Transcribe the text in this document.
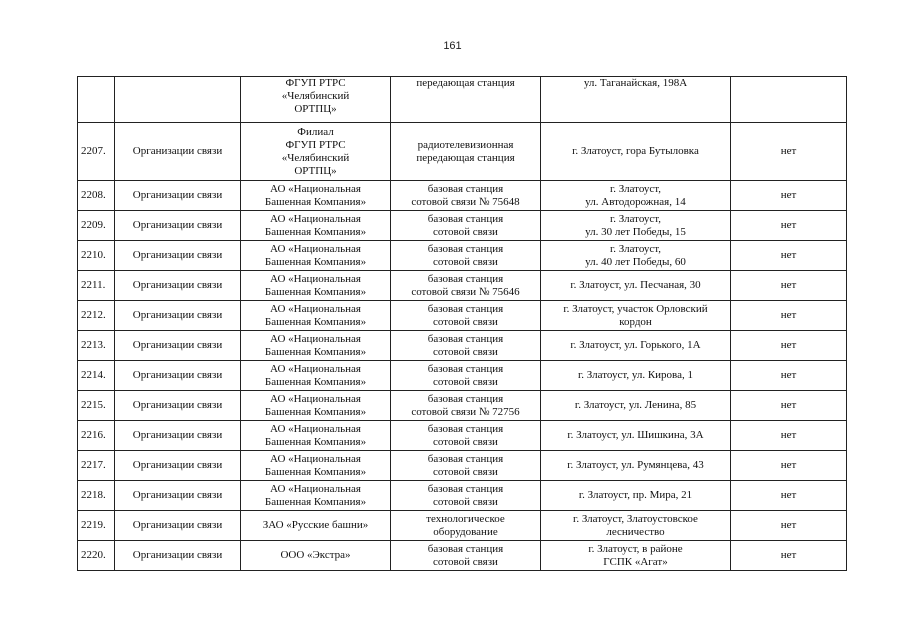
161

		ФГУП РТРС
«Челябинский
ОРТПЦ»	передающая станция	ул. Таганайская, 198А	

2207.	Организации связи	Филиал
ФГУП РТРС
«Челябинский
ОРТПЦ»	радиотелевизионная
передающая станция	г. Златоуст, гора Бутыловка	нет
2208.	Организации связи	АО «Национальная
Башенная Компания»	базовая станция
сотовой связи № 75648	г. Златоуст,
ул. Автодорожная, 14	нет
2209.	Организации связи	АО «Национальная
Башенная Компания»	базовая станция
сотовой связи	г. Златоуст,
ул. 30 лет Победы, 15	нет
2210.	Организации связи	АО «Национальная
Башенная Компания»	базовая станция
сотовой связи	г. Златоуст,
ул. 40 лет Победы, 60	нет
2211.	Организации связи	АО «Национальная
Башенная Компания»	базовая станция
сотовой связи № 75646	г. Златоуст, ул. Песчаная, 30	нет
2212.	Организации связи	АО «Национальная
Башенная Компания»	базовая станция
сотовой связи	г. Златоуст, участок Орловский
кордон	нет
2213.	Организации связи	АО «Национальная
Башенная Компания»	базовая станция
сотовой связи	г. Златоуст, ул. Горького, 1А	нет
2214.	Организации связи	АО «Национальная
Башенная Компания»	базовая станция
сотовой связи	г. Златоуст, ул. Кирова, 1	нет
2215.	Организации связи	АО «Национальная
Башенная Компания»	базовая станция
сотовой связи № 72756	г. Златоуст, ул. Ленина, 85	нет
2216.	Организации связи	АО «Национальная
Башенная Компания»	базовая станция
сотовой связи	г. Златоуст, ул. Шишкина, 3А	нет
2217.	Организации связи	АО «Национальная
Башенная Компания»	базовая станция
сотовой связи	г. Златоуст, ул. Румянцева, 43	нет
2218.	Организации связи	АО «Национальная
Башенная Компания»	базовая станция
сотовой связи	г. Златоуст, пр. Мира, 21	нет
2219.	Организации связи	ЗАО «Русские башни»	технологическое
оборудование	г. Златоуст, Златоустовское
лесничество	нет
2220.	Организации связи	ООО «Экстра»	базовая станция
сотовой связи	г. Златоуст, в районе
ГСПК «Агат»	нет
